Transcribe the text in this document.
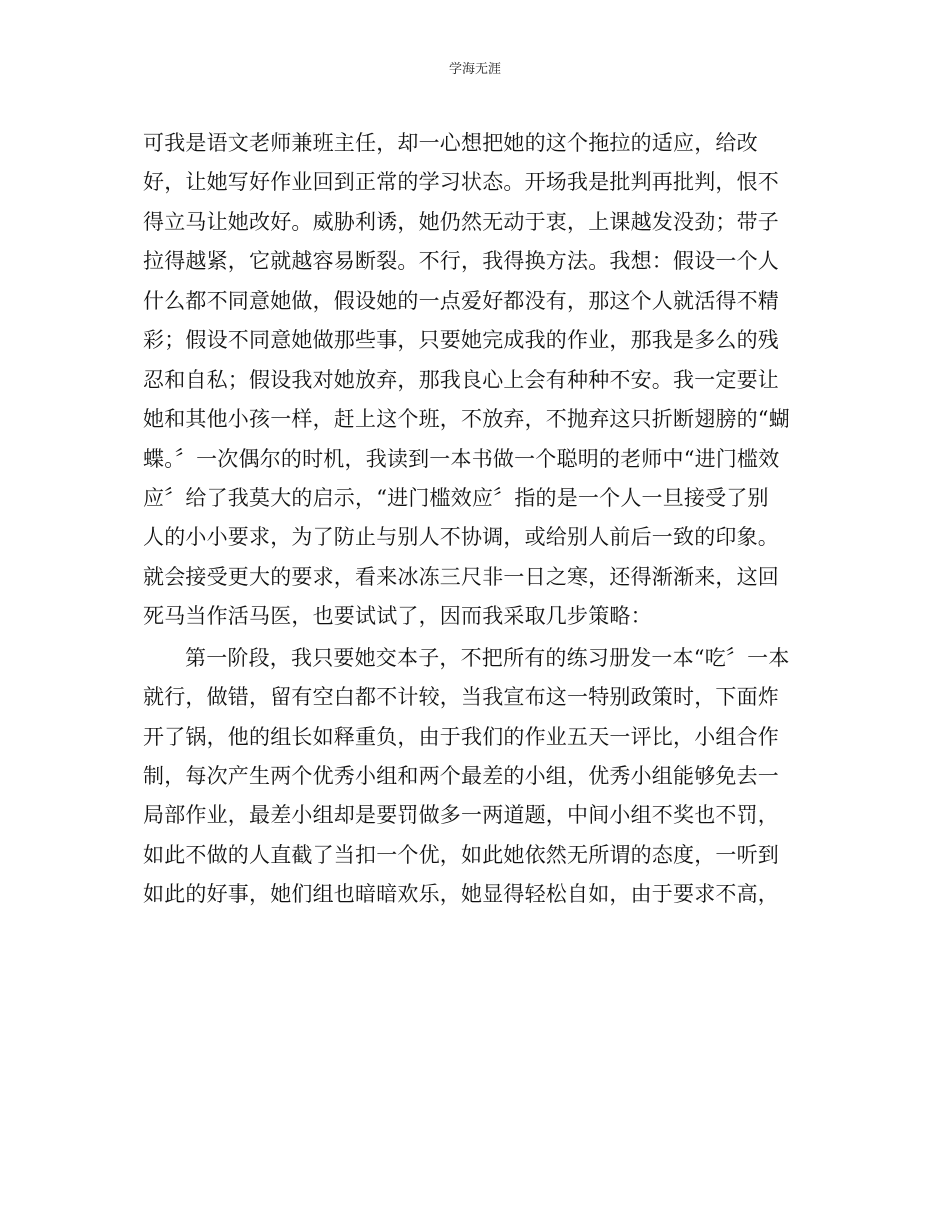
学海无涯
可我是语文老师兼班主任，却一心想把她的这个拖拉的适应，给改
好，让她写好作业回到正常的学习状态。开场我是批判再批判，恨不
得立马让她改好。威胁利诱，她仍然无动于衷，上课越发没劲；带子
拉得越紧，它就越容易断裂。不行，我得换方法。我想：假设一个人
什么都不同意她做，假设她的一点爱好都没有，那这个人就活得不精
彩；假设不同意她做那些事，只要她完成我的作业，那我是多么的残
忍和自私；假设我对她放弃，那我良心上会有种种不安。我一定要让
她和其他小孩一样，赶上这个班，不放弃，不抛弃这只折断翅膀的“蝴
蝶。〞一次偶尔的时机，我读到一本书做一个聪明的老师中“进门槛效
应〞给了我莫大的启示，“进门槛效应〞指的是一个人一旦接受了别
人的小小要求，为了防止与别人不协调，或给别人前后一致的印象。
就会接受更大的要求，看来冰冻三尺非一日之寒，还得渐渐来，这回
死马当作活马医，也要试试了，因而我采取几步策略：
第一阶段，我只要她交本子，不把所有的练习册发一本“吃〞一本
就行，做错，留有空白都不计较，当我宣布这一特别政策时，下面炸
开了锅，他的组长如释重负，由于我们的作业五天一评比，小组合作
制，每次产生两个优秀小组和两个最差的小组，优秀小组能够免去一
局部作业，最差小组却是要罚做多一两道题，中间小组不奖也不罚，
如此不做的人直截了当扣一个优，如此她依然无所谓的态度，一听到
如此的好事，她们组也暗暗欢乐，她显得轻松自如，由于要求不高，
